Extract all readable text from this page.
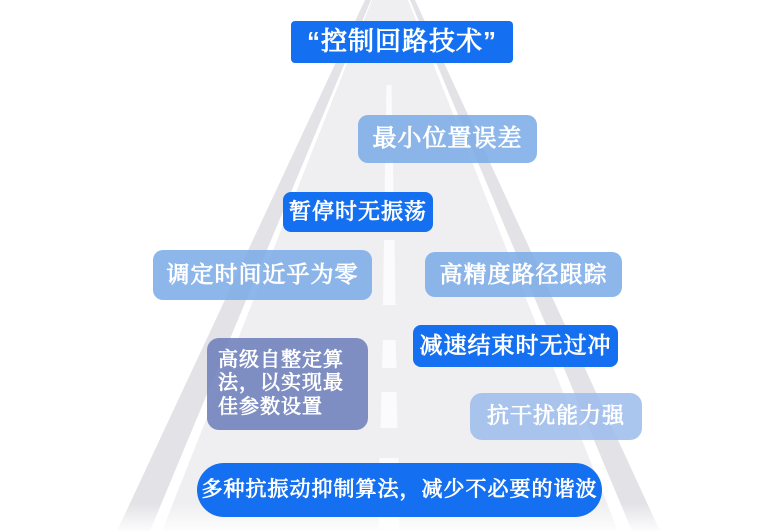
“控制回路技术”
最小位置误差
暂停时无振荡
调定时间近乎为零	高精度路径跟踪
高级自整定算法，以实现最佳参数设置
减速结束时无过冲
抗干扰能力强
多种抗振动抑制算法，减少不必要的谐波
